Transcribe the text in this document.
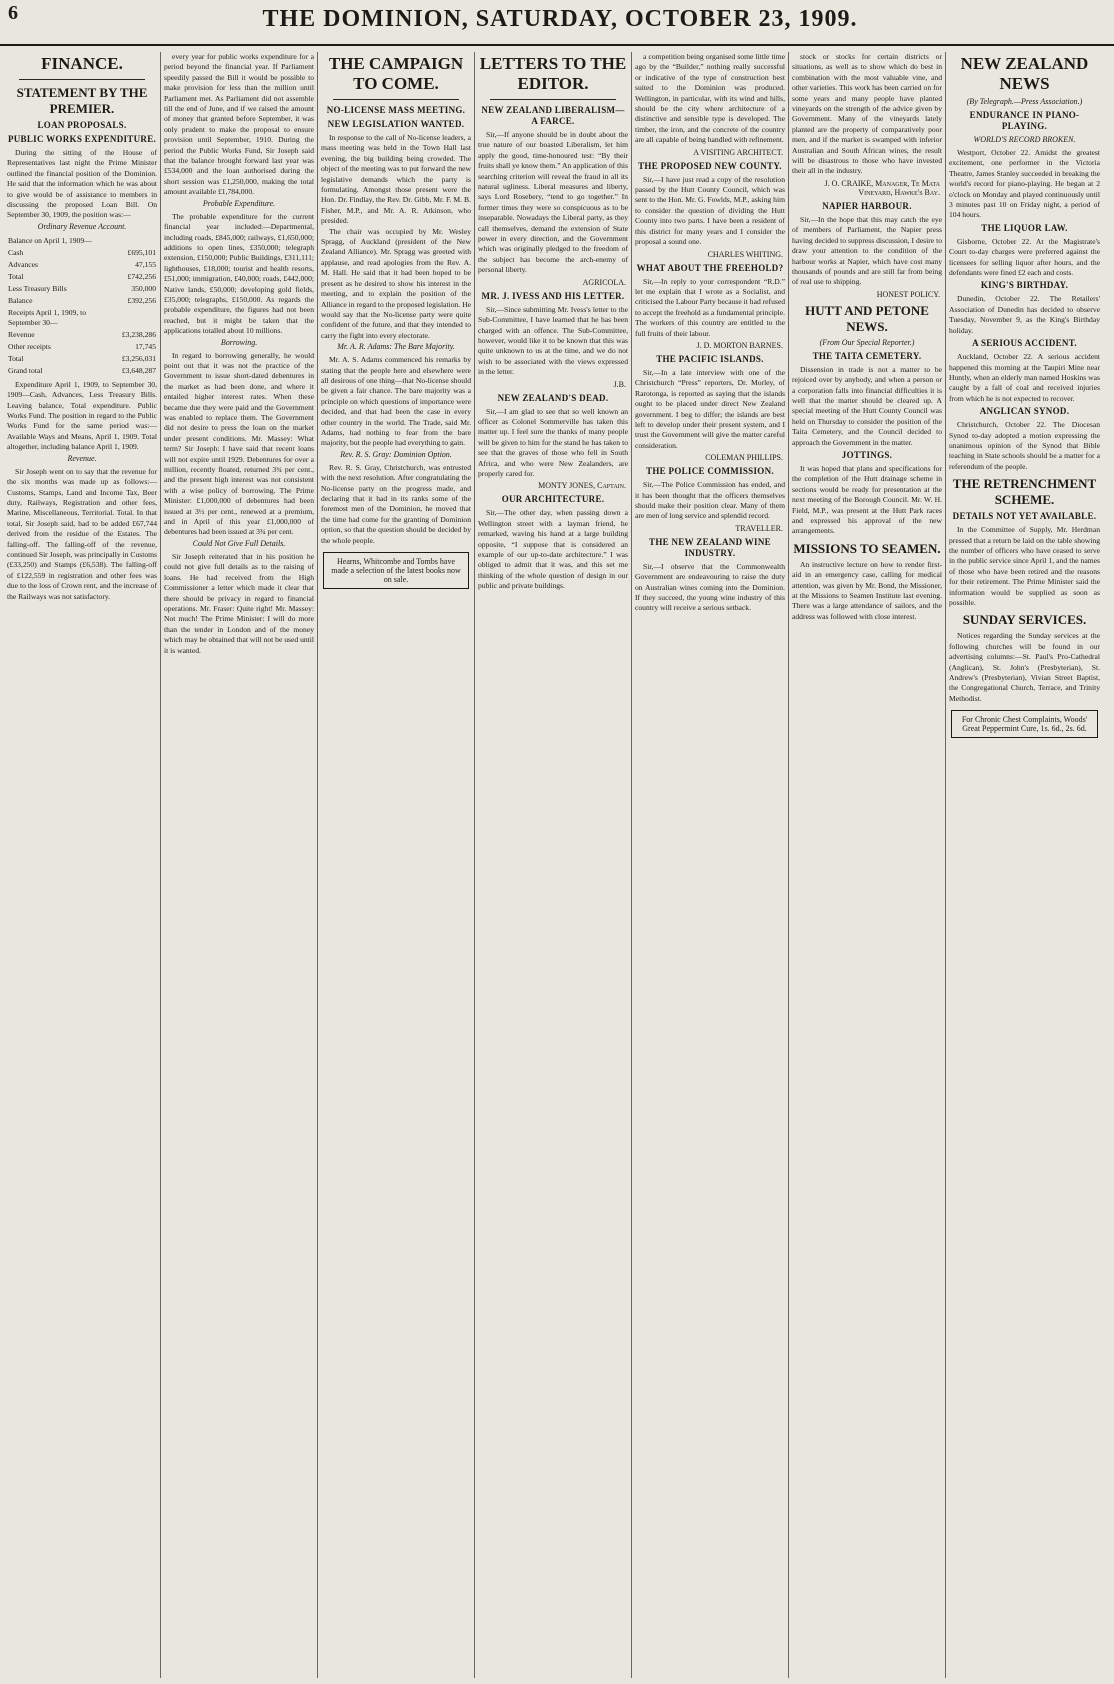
6	THE DOMINION, SATURDAY, OCTOBER 23, 1909.
FINANCE.
STATEMENT BY THE PREMIER.
LOAN PROPOSALS.
PUBLIC WORKS EXPENDITURE.

During the sitting of the House of Representatives last night the Prime Minister outlined the financial position of the Dominion. He said that the information which he was about to give would be of assistance to members in discussing the proposed Loan Bill. On September 30, 1909, the position was:—

Ordinary Revenue Account.
Balance on April 1, 1909—	
Cash	£695,101
Advances	47,155
Total	£742,256
Less Treasury Bills	350,000
Balance	£392,256
Receipts April 1, 1909, to September 30—	
Revenue	£3,238,286
Other receipts	17,745
Total	£3,256,031
Grand total	£3,648,287

Expenditure April 1, 1909, to September 30, 1909—Cash, Advances, Less Treasury Bills. Leaving balance, Total expenditure. Public Works Fund. The position in regard to the Public Works Fund for the same period was:—Available Ways and Means, April 1, 1909. Total altogether, including balance April 1, 1909.

Revenue.

Sir Joseph went on to say that the revenue for the six months was made up as follows:—Customs, Stamps, Land and Income Tax, Beer duty, Railways, Registration and other fees, Marine, Miscellaneous, Territorial. Total. In that total, Sir Joseph said, had to be added £67,744 derived from the residue of the Estates. The falling-off. The falling-off of the revenue, continued Sir Joseph, was principally in Customs (£33,250) and Stamps (£6,538). The falling-off of £122,559 in registration and other fees was due to the loss of Crown rent, and the increase of the Railways was not satisfactory.

every year for public works expenditure for a period beyond the financial year. If Parliament speedily passed the Bill it would be possible to make provision for less than the million until Parliament met. As Parliament did not assemble till the end of June, and if we raised the amount of money that granted before September, it was only prudent to make the proposal to ensure provision until September, 1910. During the period the Public Works Fund, Sir Joseph said that the balance brought forward last year was £534,000 and the loan authorised during the short session was £1,250,000, making the total amount available £1,784,000.

Probable Expenditure.

The probable expenditure for the current financial year included:—Departmental, including roads, £845,000; railways, £1,650,000; additions to open lines, £350,000; telegraph extension, £150,000; Public Buildings, £311,111; lighthouses, £18,000; tourist and health resorts, £51,000; immigration, £40,000; roads, £442,000; Native lands, £50,000; developing gold fields, £35,000; telegraphs, £150,000. As regards the probable expenditure, the figures had not been reached, but it might be taken that the applications totalled about 10 millions.

Borrowing.

In regard to borrowing generally, he would point out that it was not the practice of the Government to issue short-dated debentures in the market as had been done, and where it entailed higher interest rates. When these became due they were paid and the Government was enabled to replace them. The Government did not desire to press the loan on the market under present conditions. Mr. Massey: What term? Sir Joseph: I have said that recent loans will not expire until 1929. Debentures for over a million, recently floated, returned 3¾ per cent., and the present high interest was not consistent with a wise policy of borrowing. The Prime Minister: £1,000,000 of debentures had been issued at 3½ per cent., renewed at a premium, and in April of this year £1,000,000 of debentures had been issued at 3¾ per cent.

Could Not Give Full Details.

Sir Joseph reiterated that in his position he could not give full details as to the raising of loans. He had received from the High Commissioner a letter which made it clear that there should be privacy in regard to financial operations. Mr. Fraser: Quite right! Mr. Massey: Not much! The Prime Minister: I will do more than the tender in London and of the money which may be obtained that will not be used until it is wanted.

THE CAMPAIGN TO COME.
NO-LICENSE MASS MEETING.
NEW LEGISLATION WANTED.

In response to the call of No-license leaders, a mass meeting was held in the Town Hall last evening, the big building being crowded. The object of the meeting was to put forward the new legislative demands which the party is formulating. Amongst those present were the Hon. Dr. Findlay, the Rev. Dr. Gibb, Mr. F. M. B. Fisher, M.P., and Mr. A. R. Atkinson, who presided.

The chair was occupied by Mr. Wesley Spragg, of Auckland (president of the New Zealand Alliance). Mr. Spragg was greeted with applause, and read apologies from the Rev. A. M. Hall. He said that it had been hoped to be present as he desired to show his interest in the meeting, and to explain the position of the Alliance in regard to the proposed legislation. He would say that the No-license party were quite confident of the future, and that they intended to carry the fight into every electorate.

Mr. A. R. Adams: The Bare Majority.

Mr. A. S. Adams commenced his remarks by stating that the people here and elsewhere were all desirous of one thing—that No-license should be given a fair chance. The bare majority was a principle on which questions of importance were decided, and that had been the case in every other country in the world. The Trade, said Mr. Adams, had nothing to fear from the bare majority, but the people had everything to gain.

Rev. R. S. Gray: Dominion Option.

Rev. R. S. Gray, Christchurch, was entrusted with the next resolution. After congratulating the No-license party on the progress made, and declaring that it had in its ranks some of the foremost men of the Dominion, he moved that the time had come for the granting of Dominion option, so that the question should be decided by the whole people.

Hearns, Whitcombe and Tombs have made a selection of the latest books now on sale.
LETTERS TO THE EDITOR.
NEW ZEALAND LIBERALISM—A FARCE.

Sir,—If anyone should be in doubt about the true nature of our boasted Liberalism, let him apply the good, time-honoured test: “By their fruits shall ye know them.” An application of this searching criterion will reveal the fraud in all its natural ugliness. Liberal measures and liberty, says Lord Rosebery, “tend to go together.” In former times they were so conspicuous as to be inseparable. Nowadays the Liberal party, as they call themselves, demand the extension of State power in every direction, and the Government which was originally pledged to the freedom of the subject has become the arch-enemy of personal liberty.

AGRICOLA.
MR. J. IVESS AND HIS LETTER.

Sir,—Since submitting Mr. Ivess's letter to the Sub-Committee, I have learned that he has been charged with an offence. The Sub-Committee, however, would like it to be known that this was quite unknown to us at the time, and we do not wish to be associated with the views expressed in the letter.

J.B.
NEW ZEALAND'S DEAD.

Sir,—I am glad to see that so well known an officer as Colonel Sommerville has taken this matter up. I feel sure the thanks of many people will be given to him for the stand he has taken to see that the graves of those who fell in South Africa, and who were New Zealanders, are properly cared for.

MONTY JONES, Captain.
OUR ARCHITECTURE.

Sir,—The other day, when passing down a Wellington street with a layman friend, he remarked, waving his hand at a large building opposite, “I suppose that is considered an example of our up-to-date architecture.” I was obliged to admit that it was, and this set me thinking of the whole question of design in our public and private buildings.

a competition being organised some little time ago by the “Builder,” nothing really successful or indicative of the type of construction best suited to the Dominion was produced. Wellington, in particular, with its wind and hills, should be the city where architecture of a distinctive and sensible type is developed. The timber, the iron, and the concrete of the country are all capable of being handled with refinement.

A VISITING ARCHITECT.
THE PROPOSED NEW COUNTY.

Sir,—I have just read a copy of the resolution passed by the Hutt County Council, which was sent to the Hon. Mr. G. Fowlds, M.P., asking him to consider the question of dividing the Hutt County into two parts. I have been a resident of this district for many years and I consider the proposal a sound one.

CHARLES WHITING.
WHAT ABOUT THE FREEHOLD?

Sir,—In reply to your correspondent “R.D.” let me explain that I wrote as a Socialist, and criticised the Labour Party because it had refused to accept the freehold as a fundamental principle. The workers of this country are entitled to the full fruits of their labour.

J. D. MORTON BARNES.
THE PACIFIC ISLANDS.

Sir,—In a late interview with one of the Christchurch “Press” reporters, Dr. Morley, of Rarotonga, is reported as saying that the islands ought to be placed under direct New Zealand government. I beg to differ; the islands are best left to develop under their present system, and I trust the Government will give the matter careful consideration.

COLEMAN PHILLIPS.
THE POLICE COMMISSION.

Sir,—The Police Commission has ended, and it has been thought that the officers themselves should make their position clear. Many of them are men of long service and splendid record.

TRAVELLER.
THE NEW ZEALAND WINE INDUSTRY.

Sir,—I observe that the Commonwealth Government are endeavouring to raise the duty on Australian wines coming into the Dominion. If they succeed, the young wine industry of this country will receive a serious setback.

stock or stocks for certain districts or situations, as well as to show which do best in combination with the most valuable vine, and other varieties. This work has been carried on for some years and many people have planted vineyards on the strength of the advice given by Government. Many of the vineyards lately planted are the property of comparatively poor men, and if the market is swamped with inferior Australian and South African wines, the result will be disastrous to those who have invested their all in the industry.

J. O. CRAIKE, Manager, Te Mata Vineyard, Hawke's Bay.
NAPIER HARBOUR.

Sir,—In the hope that this may catch the eye of members of Parliament, the Napier press having decided to suppress discussion, I desire to draw your attention to the condition of the harbour works at Napier, which have cost many thousands of pounds and are still far from being of real use to shipping.

HONEST POLICY.
HUTT AND PETONE NEWS.
(From Our Special Reporter.)
THE TAITA CEMETERY.

Dissension in trade is not a matter to be rejoiced over by anybody, and when a person or a corporation falls into financial difficulties it is well that the matter should be cleared up. A special meeting of the Hutt County Council was held on Thursday to consider the position of the Taita Cemetery, and the Council decided to approach the Government in the matter.

JOTTINGS.

It was hoped that plans and specifications for the completion of the Hutt drainage scheme in sections would be ready for presentation at the next meeting of the Borough Council. Mr. W. H. Field, M.P., was present at the Hutt Park races and expressed his approval of the new arrangements.

MISSIONS TO SEAMEN.

An instructive lecture on how to render first-aid in an emergency case, calling for medical attention, was given by Mr. Bond, the Missioner, at the Missions to Seamen Institute last evening. There was a large attendance of sailors, and the address was followed with close interest.

NEW ZEALAND NEWS
(By Telegraph.—Press Association.)
ENDURANCE IN PIANO-PLAYING.
WORLD'S RECORD BROKEN.

Westport, October 22. Amidst the greatest excitement, one performer in the Victoria Theatre, James Stanley succeeded in breaking the world's record for piano-playing. He began at 2 o'clock on Monday and played continuously until 3 minutes past 10 on Friday night, a period of 104 hours.

THE LIQUOR LAW.

Gisborne, October 22. At the Magistrate's Court to-day charges were preferred against the licensees for selling liquor after hours, and the defendants were fined £2 each and costs.

KING'S BIRTHDAY.

Dunedin, October 22. The Retailers' Association of Dunedin has decided to observe Tuesday, November 9, as the King's Birthday holiday.

A SERIOUS ACCIDENT.

Auckland, October 22. A serious accident happened this morning at the Taupiri Mine near Huntly, when an elderly man named Hoskins was caught by a fall of coal and received injuries from which he is not expected to recover.

ANGLICAN SYNOD.

Christchurch, October 22. The Diocesan Synod to-day adopted a motion expressing the unanimous opinion of the Synod that Bible teaching in State schools should be a matter for a referendum of the people.

THE RETRENCHMENT SCHEME.
DETAILS NOT YET AVAILABLE.

In the Committee of Supply, Mr. Herdman pressed that a return be laid on the table showing the number of officers who have ceased to serve in the public service since April 1, and the names of those who have been retired and the reasons for their retirement. The Prime Minister said the information would be supplied as soon as possible.

SUNDAY SERVICES.

Notices regarding the Sunday services at the following churches will be found in our advertising columns:—St. Paul's Pro-Cathedral (Anglican), St. John's (Presbyterian), St. Andrew's (Presbyterian), Vivian Street Baptist, the Congregational Church, Terrace, and Trinity Methodist.

For Chronic Chest Complaints, Woods' Great Peppermint Cure, 1s. 6d., 2s. 6d.
